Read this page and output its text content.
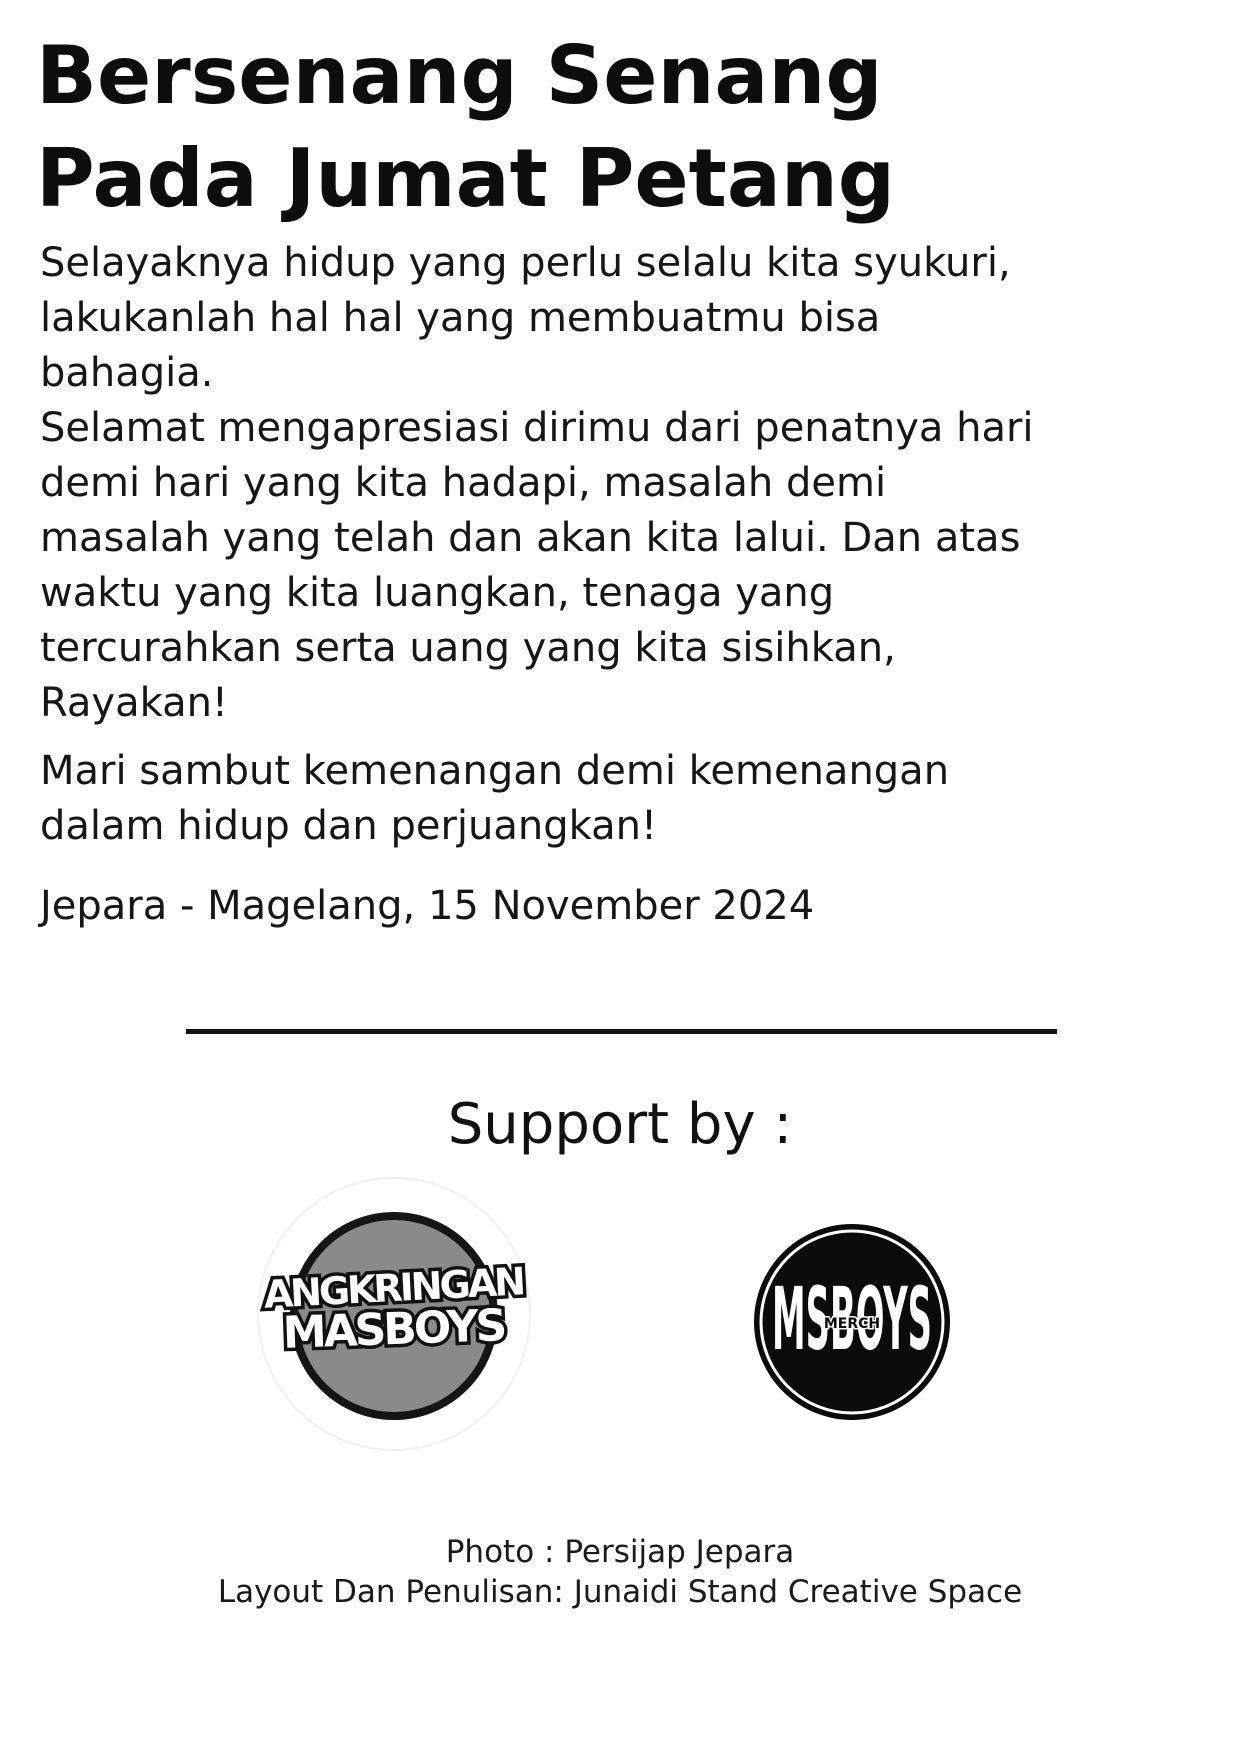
Bersenang Senang
Pada Jumat Petang
Selayaknya hidup yang perlu selalu kita syukuri,
lakukanlah hal hal yang membuatmu bisa
bahagia.
Selamat mengapresiasi dirimu dari penatnya hari
demi hari yang kita hadapi, masalah demi
masalah yang telah dan akan kita lalui. Dan atas
waktu yang kita luangkan, tenaga yang
tercurahkan serta uang yang kita sisihkan,
Rayakan!
Mari sambut kemenangan demi kemenangan
dalam hidup dan perjuangkan!
Jepara - Magelang, 15 November 2024
Support by :
ANGKRINGAN
MASBOYS	MSBOYS
MERCH
Photo : Persijap Jepara
Layout Dan Penulisan: Junaidi Stand Creative Space
